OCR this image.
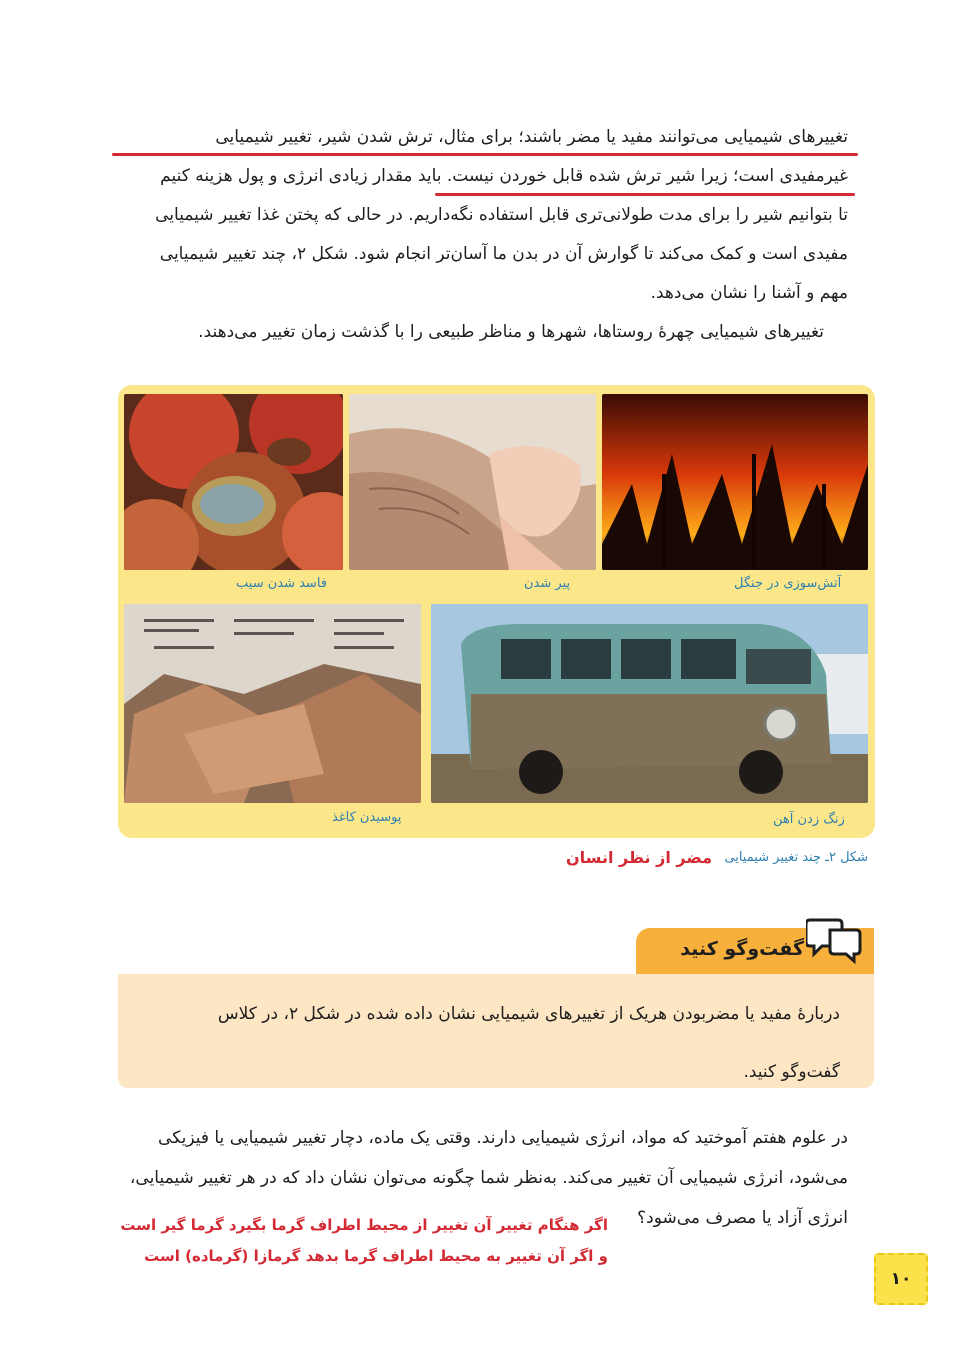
تغییرهای شیمیایی می‌توانند مفید یا مضر باشند؛ برای مثال، ترش شدن شیر، تغییر شیمیایی
غیرمفیدی است؛ زیرا شیر ترش شده قابل خوردن نیست. باید مقدار زیادی انرژی و پول هزینه کنیم
تا بتوانیم شیر را برای مدت طولانی‌تری قابل استفاده نگه‌داریم. در حالی که پختن غذا تغییر شیمیایی
مفیدی است و کمک می‌کند تا گوارش آن در بدن ما آسان‌تر انجام شود. شکل ۲، چند تغییر شیمیایی
مهم و آشنا را نشان می‌دهد.
تغییرهای شیمیایی چهرهٔ روستاها، شهرها و مناظر طبیعی را با گذشت زمان تغییر می‌دهند.
فاسد شدن سیب	پیر شدن	آتش‌سوزی در جنگل
پوسیدن کاغذ	زنگ زدن آهن
شکل ۲ـ چند تغییر شیمیایی
مضر از نظر انسان
گفت‌وگو کنید
دربارهٔ مفید یا مضربودن هریک از تغییرهای شیمیایی نشان داده شده در شکل ۲، در کلاس
گفت‌وگو کنید.
در علوم هفتم آموختید که مواد، انرژی شیمیایی دارند. وقتی یک ماده، دچار تغییر شیمیایی یا فیزیکی
می‌شود، انرژی شیمیایی آن تغییر می‌کند. به‌نظر شما چگونه می‌توان نشان داد که در هر تغییر شیمیایی،
انرژی آزاد یا مصرف می‌شود؟
اگر هنگام تغییر آن تغییر از محیط اطراف گرما بگیرد گرما گیر است
و اگر آن تغییر به محیط اطراف گرما بدهد گرمازا (گرماده) است
۱۰
